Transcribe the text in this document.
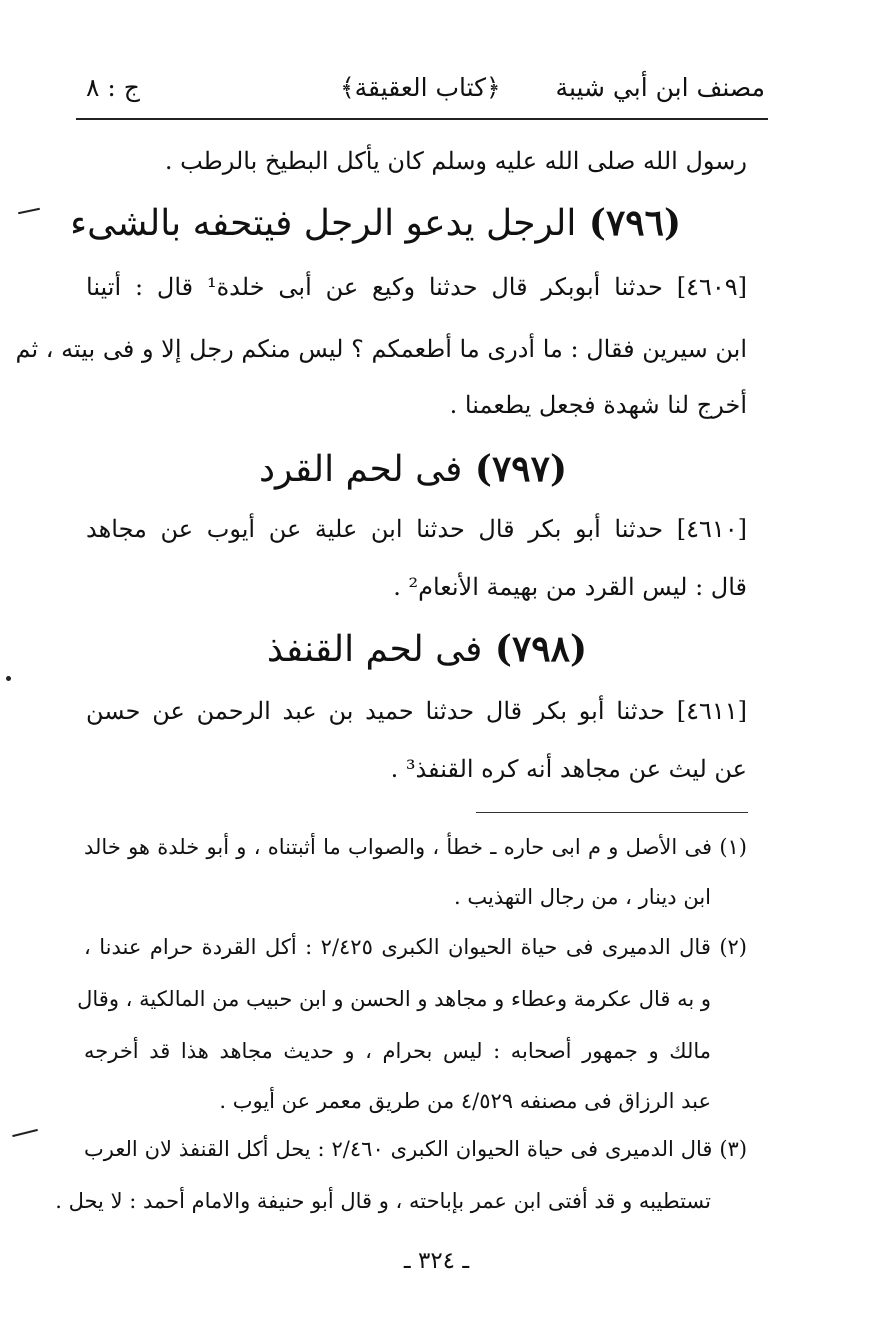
مصنف ابن أبي شيبة
﴿كتاب العقيقة﴾
ج : ٨
رسول الله صلى الله عليه وسلم كان يأكل البطيخ بالرطب .
(٧٩٦) الرجل يدعو الرجل فيتحفه بالشىء
[٤٦٠٩] حدثنا أبوبكر قال حدثنا وكيع عن أبى خلدة¹ قال : أتينا
ابن سيرين فقال : ما أدرى ما أطعمكم ؟ ليس منكم رجل إلا و فى بيته ، ثم
أخرج لنا شهدة فجعل يطعمنا .
(٧٩٧) فى لحم القرد
[٤٦١٠] حدثنا أبو بكر قال حدثنا ابن علية عن أيوب عن مجاهد
قال : ليس القرد من بهيمة الأنعام² .
(٧٩٨) فى لحم القنفذ
[٤٦١١] حدثنا أبو بكر قال حدثنا حميد بن عبد الرحمن عن حسن
عن ليث عن مجاهد أنه كره القنفذ³ .
(١) فى الأصل و م ابى حاره ـ خطأ ، والصواب ما أثبتناه ، و أبو خلدة هو خالد
ابن دينار ، من رجال التهذيب .
(٢) قال الدميرى فى حياة الحيوان الكبرى ٢/٤٢٥ : أكل القردة حرام عندنا ،
و به قال عكرمة وعطاء و مجاهد و الحسن و ابن حبيب من المالكية ، وقال
مالك و جمهور أصحابه : ليس بحرام ، و حديث مجاهد هذا قد أخرجه
عبد الرزاق فى مصنفه ٤/٥٢٩ من طريق معمر عن أيوب .
(٣) قال الدميرى فى حياة الحيوان الكبرى ٢/٤٦٠ : يحل أكل القنفذ لان العرب
تستطيبه و قد أفتى ابن عمر بإباحته ، و قال أبو حنيفة والامام أحمد : لا يحل .
ـ ٣٢٤ ـ
